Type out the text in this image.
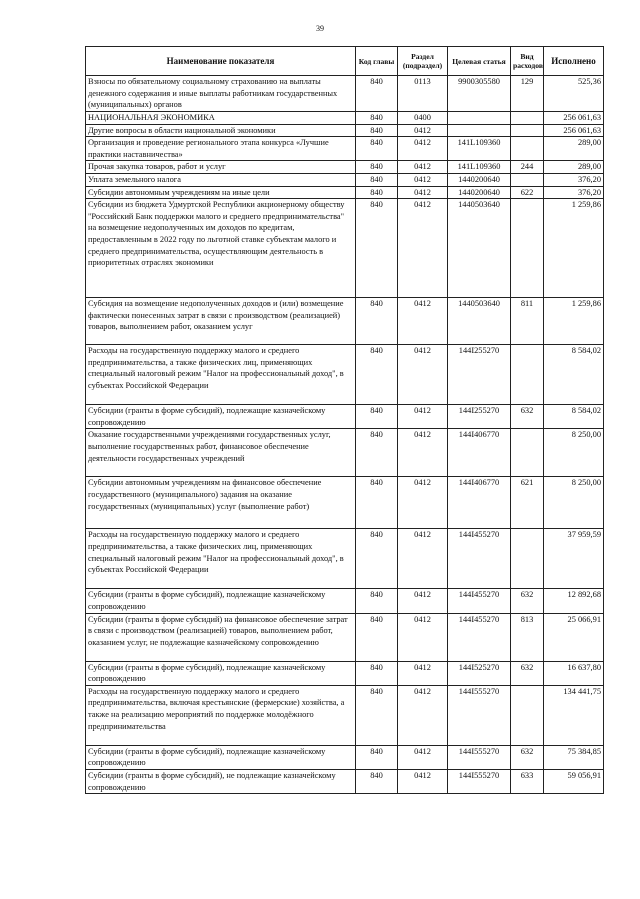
39
Наименование показателя	Код главы	Раздел (подраздел)	Целевая статья	Вид расходов	Исполнено
Взносы по обязательному социальному страхованию на выплаты денежного содержания и иные выплаты работникам государственных (муниципальных) органов	840	0113	9900305580	129	525,36
НАЦИОНАЛЬНАЯ ЭКОНОМИКА	840	0400			256 061,63
Другие вопросы в области национальной экономики	840	0412			256 061,63
Организация и проведение регионального этапа конкурса «Лучшие практики наставничества»	840	0412	141L109360		289,00
Прочая закупка товаров, работ и услуг	840	0412	141L109360	244	289,00
Уплата земельного налога	840	0412	1440200640		376,20
Субсидии автономным учреждениям на иные цели	840	0412	1440200640	622	376,20
Субсидии из бюджета Удмуртской Республики акционерному обществу "Российский Банк поддержки малого и среднего предпринимательства" на возмещение недополученных им доходов по кредитам, предоставленным в 2022 году по льготной ставке субъектам малого и среднего предпринимательства, осуществляющим деятельность в приоритетных отраслях экономики	840	0412	1440503640		1 259,86
Субсидия на возмещение недополученных доходов и (или) возмещение фактически понесенных затрат в связи с производством (реализацией) товаров, выполнением работ, оказанием услуг	840	0412	1440503640	811	1 259,86
Расходы на государственную поддержку малого и среднего предпринимательства, а также физических лиц, применяющих специальный налоговый режим "Налог на профессиональный доход", в субъектах Российской Федерации	840	0412	144I255270		8 584,02
Субсидии (гранты в форме субсидий), подлежащие казначейскому сопровождению	840	0412	144I255270	632	8 584,02
Оказание государственными учреждениями государственных услуг, выполнение государственных работ, финансовое обеспечение деятельности государственных учреждений	840	0412	144I406770		8 250,00
Субсидии автономным учреждениям на финансовое обеспечение государственного (муниципального) задания на оказание государственных (муниципальных) услуг (выполнение работ)	840	0412	144I406770	621	8 250,00
Расходы на государственную поддержку малого и среднего предпринимательства, а также физических лиц, применяющих специальный налоговый режим "Налог на профессиональный доход", в субъектах Российской Федерации	840	0412	144I455270		37 959,59
Субсидии (гранты в форме субсидий), подлежащие казначейскому сопровождению	840	0412	144I455270	632	12 892,68
Субсидии (гранты в форме субсидий) на финансовое обеспечение затрат в связи с производством (реализацией) товаров, выполнением работ, оказанием услуг, не подлежащие казначейскому сопровождению	840	0412	144I455270	813	25 066,91
Субсидии (гранты в форме субсидий), подлежащие казначейскому сопровождению	840	0412	144I525270	632	16 637,80
Расходы на государственную поддержку малого и среднего предпринимательства, включая крестьянские (фермерские) хозяйства, а также на реализацию мероприятий по поддержке молодёжного предпринимательства	840	0412	144I555270		134 441,75
Субсидии (гранты в форме субсидий), подлежащие казначейскому сопровождению	840	0412	144I555270	632	75 384,85
Субсидии (гранты в форме субсидий), не подлежащие казначейскому сопровождению	840	0412	144I555270	633	59 056,91
